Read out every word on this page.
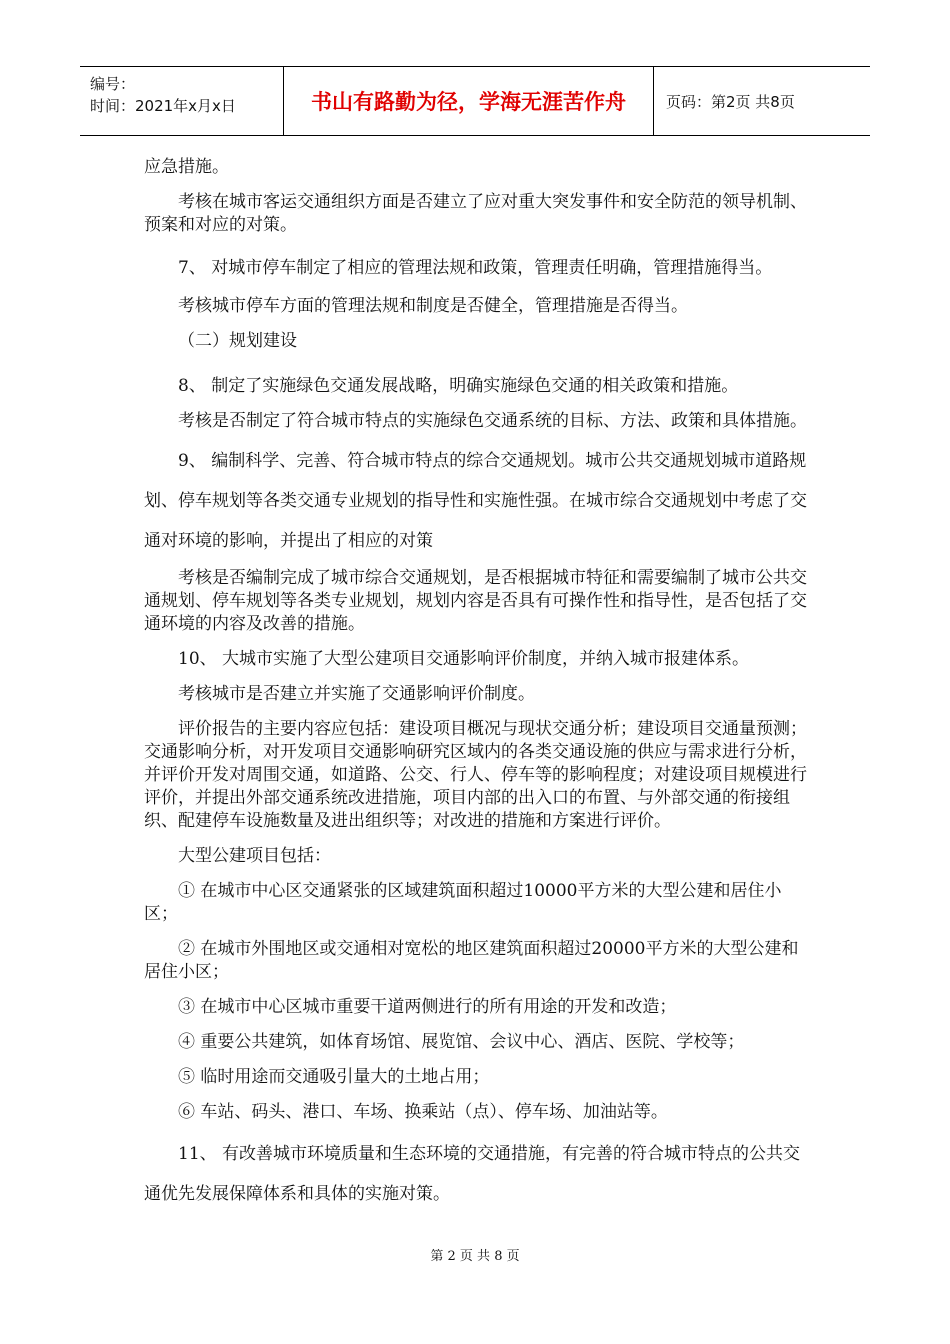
编号：
时间：2021年x月x日	书山有路勤为径，学海无涯苦作舟	页码：第2页 共8页

应急措施。

考核在城市客运交通组织方面是否建立了应对重大突发事件和安全防范的领导机制、预案和对应的对策。

7、 对城市停车制定了相应的管理法规和政策，管理责任明确，管理措施得当。

考核城市停车方面的管理法规和制度是否健全，管理措施是否得当。

（二）规划建设

8、 制定了实施绿色交通发展战略，明确实施绿色交通的相关政策和措施。

考核是否制定了符合城市特点的实施绿色交通系统的目标、方法、政策和具体措施。

9、 编制科学、完善、符合城市特点的综合交通规划。城市公共交通规划城市道路规划、停车规划等各类交通专业规划的指导性和实施性强。在城市综合交通规划中考虑了交通对环境的影响，并提出了相应的对策

考核是否编制完成了城市综合交通规划，是否根据城市特征和需要编制了城市公共交通规划、停车规划等各类专业规划，规划内容是否具有可操作性和指导性，是否包括了交通环境的内容及改善的措施。

10、 大城市实施了大型公建项目交通影响评价制度，并纳入城市报建体系。

考核城市是否建立并实施了交通影响评价制度。

评价报告的主要内容应包括：建设项目概况与现状交通分析；建设项目交通量预测；交通影响分析，对开发项目交通影响研究区域内的各类交通设施的供应与需求进行分析，并评价开发对周围交通，如道路、公交、行人、停车等的影响程度；对建设项目规模进行评价，并提出外部交通系统改进措施，项目内部的出入口的布置、与外部交通的衔接组织、配建停车设施数量及进出组织等；对改进的措施和方案进行评价。

大型公建项目包括：

① 在城市中心区交通紧张的区域建筑面积超过10000平方米的大型公建和居住小区；

② 在城市外围地区或交通相对宽松的地区建筑面积超过20000平方米的大型公建和居住小区；

③ 在城市中心区城市重要干道两侧进行的所有用途的开发和改造；

④ 重要公共建筑，如体育场馆、展览馆、会议中心、酒店、医院、学校等；

⑤ 临时用途而交通吸引量大的土地占用；

⑥ 车站、码头、港口、车场、换乘站（点）、停车场、加油站等。

11、 有改善城市环境质量和生态环境的交通措施，有完善的符合城市特点的公共交通优先发展保障体系和具体的实施对策。

第 2 页 共 8 页
